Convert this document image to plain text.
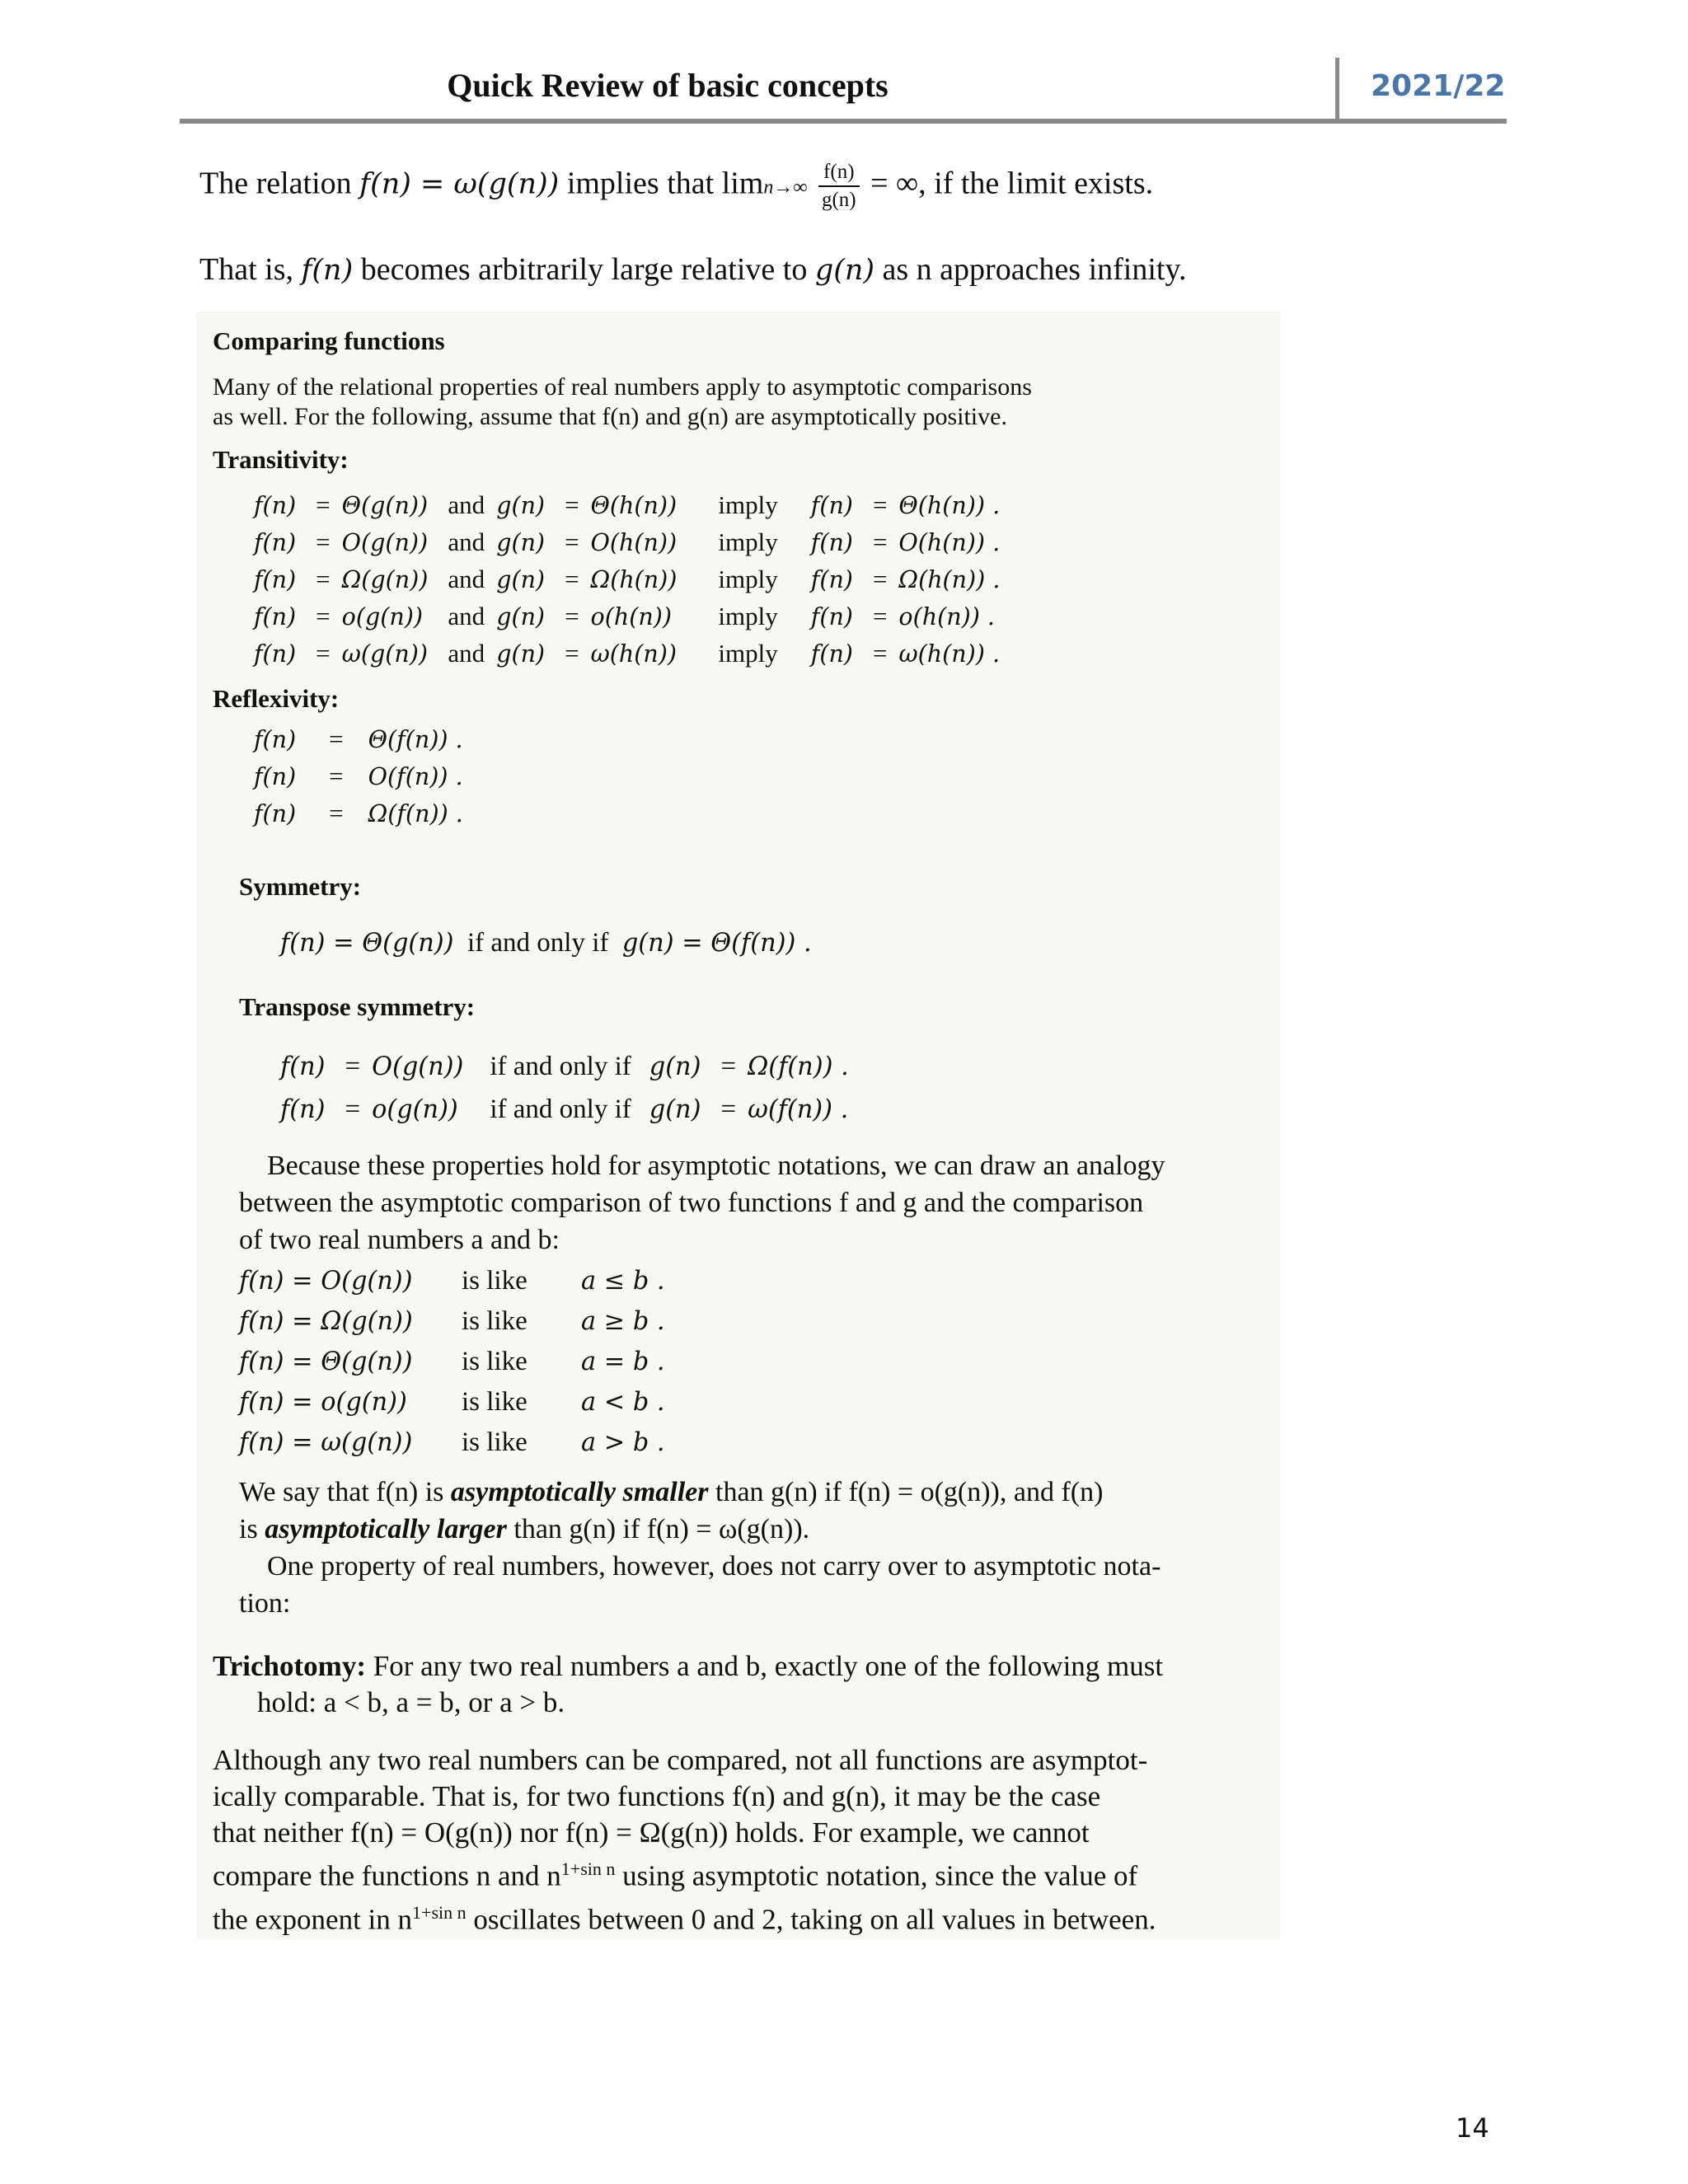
Quick Review of basic concepts	2021/22
The relation f(n) = ω(g(n)) implies that $\lim n\to\infty \frac{f(n)}{g(n)}$ = ∞, if the limit exists.
That is, f(n) becomes arbitrarily large relative to g(n) as n approaches infinity.
Comparing functions
Many of the relational properties of real numbers apply to asymptotic comparisons
as well. For the following, assume that f(n) and g(n) are asymptotically positive.
Transitivity:
f(n)	=	Θ(g(n))	and	g(n)	=	Θ(h(n))	imply	f(n)	=	Θ(h(n)) .
f(n)	=	O(g(n))	and	g(n)	=	O(h(n))	imply	f(n)	=	O(h(n)) .
f(n)	=	Ω(g(n))	and	g(n)	=	Ω(h(n))	imply	f(n)	=	Ω(h(n)) .
f(n)	=	o(g(n))	and	g(n)	=	o(h(n))	imply	f(n)	=	o(h(n)) .
f(n)	=	ω(g(n))	and	g(n)	=	ω(h(n))	imply	f(n)	=	ω(h(n)) .
Reflexivity:
f(n)	=	Θ(f(n)) .
f(n)	=	O(f(n)) .
f(n)	=	Ω(f(n)) .
Symmetry:
f(n) = Θ(g(n)) if and only if g(n) = Θ(f(n)) .
Transpose symmetry:
f(n)	=	O(g(n))	if and only if	g(n)	=	Ω(f(n)) .
f(n)	=	o(g(n))	if and only if	g(n)	=	ω(f(n)) .
Because these properties hold for asymptotic notations, we can draw an analogy
between the asymptotic comparison of two functions f and g and the comparison
of two real numbers a and b:
f(n) = O(g(n))	is like	a ≤ b .
f(n) = Ω(g(n))	is like	a ≥ b .
f(n) = Θ(g(n))	is like	a = b .
f(n) = o(g(n))	is like	a < b .
f(n) = ω(g(n))	is like	a > b .
We say that f(n) is asymptotically smaller than g(n) if f(n) = o(g(n)), and f(n)
is asymptotically larger than g(n) if f(n) = ω(g(n)).
One property of real numbers, however, does not carry over to asymptotic nota-
tion:
Trichotomy: For any two real numbers a and b, exactly one of the following must
hold: a < b, a = b, or a > b.
Although any two real numbers can be compared, not all functions are asymptot-
ically comparable. That is, for two functions f(n) and g(n), it may be the case
that neither f(n) = O(g(n)) nor f(n) = Ω(g(n)) holds. For example, we cannot
compare the functions n and $n^{1+sin n}$ using asymptotic notation, since the value of
the exponent in $n^{1+sin n}$ oscillates between 0 and 2, taking on all values in between.
14
